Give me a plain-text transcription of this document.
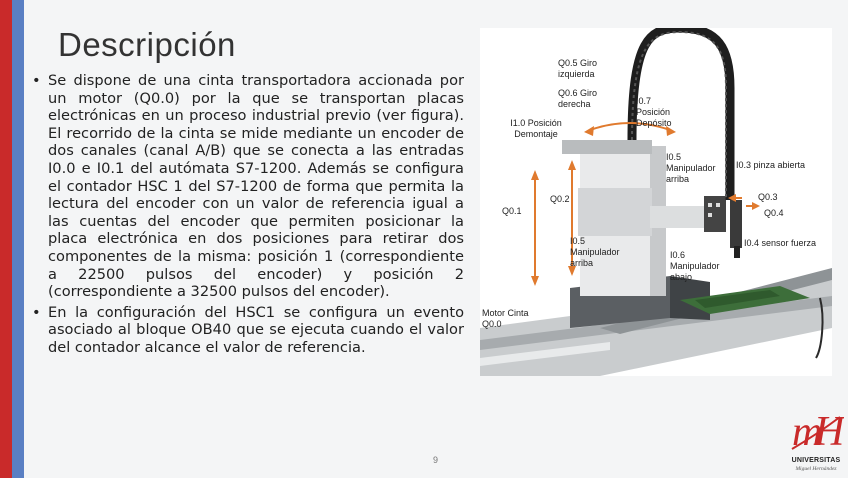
Descripción
• Se dispone de una cinta transportadora accionada por un motor (Q0.0) por la que se transportan placas electrónicas en un proceso industrial previo (ver figura). El recorrido de la cinta se mide mediante un encoder de dos canales (canal A/B) que se conecta a las entradas I0.0 e I0.1 del autómata S7-1200. Además se configura el contador HSC 1 del S7-1200 de forma que permita la lectura del encoder con un valor de referencia igual a las cuentas del encoder que permiten posicionar la placa electrónica en dos posiciones para retirar dos componentes de la misma: posición 1 (correspondiente a 22500 pulsos del encoder) y posición 2 (correspondiente a 32500 pulsos del encoder).
• En la configuración del HSC1 se configura un evento asociado al bloque OB40 que se ejecuta cuando el valor del contador alcance el valor de referencia.
9
Q0.5 Giro izquierda
Q0.6 Giro derecha	I0.7 Posición Depósito
I1.0 Posición Demontaje
I0.5 Manipulador arriba
I0.3 pinza abierta
Q0.3
Q0.4
Q0.1
Q0.2
I0.5 Manipulador arriba
I0.6 Manipulador abajo
I0.4 sensor fuerza
Motor Cinta Q0.0
m
H
UNIVERSITAS
Miguel Hernández
